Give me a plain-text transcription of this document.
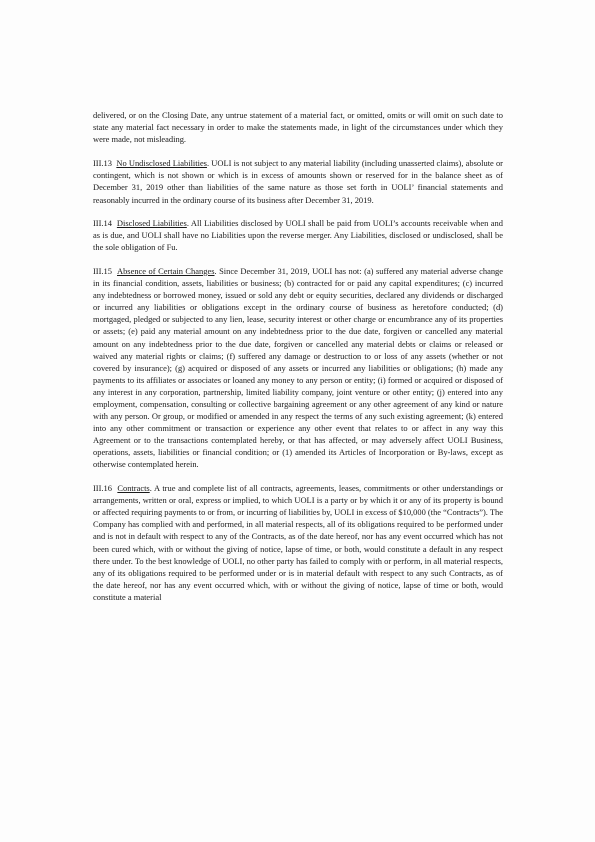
delivered, or on the Closing Date, any untrue statement of a material fact, or omitted, omits or will omit on such date to state any material fact necessary in order to make the statements made, in light of the circumstances under which they were made, not misleading.

III.13 No Undisclosed Liabilities. UOLI is not subject to any material liability (including unasserted claims), absolute or contingent, which is not shown or which is in excess of amounts shown or reserved for in the balance sheet as of December 31, 2019 other than liabilities of the same nature as those set forth in UOLI’ financial statements and reasonably incurred in the ordinary course of its business after December 31, 2019.

III.14 Disclosed Liabilities. All Liabilities disclosed by UOLI shall be paid from UOLI’s accounts receivable when and as is due, and UOLI shall have no Liabilities upon the reverse merger. Any Liabilities, disclosed or undisclosed, shall be the sole obligation of Fu.

III.15 Absence of Certain Changes. Since December 31, 2019, UOLI has not: (a) suffered any material adverse change in its financial condition, assets, liabilities or business; (b) contracted for or paid any capital expenditures; (c) incurred any indebtedness or borrowed money, issued or sold any debt or equity securities, declared any dividends or discharged or incurred any liabilities or obligations except in the ordinary course of business as heretofore conducted; (d) mortgaged, pledged or subjected to any lien, lease, security interest or other charge or encumbrance any of its properties or assets; (e) paid any material amount on any indebtedness prior to the due date, forgiven or cancelled any material amount on any indebtedness prior to the due date, forgiven or cancelled any material debts or claims or released or waived any material rights or claims; (f) suffered any damage or destruction to or loss of any assets (whether or not covered by insurance); (g) acquired or disposed of any assets or incurred any liabilities or obligations; (h) made any payments to its affiliates or associates or loaned any money to any person or entity; (i) formed or acquired or disposed of any interest in any corporation, partnership, limited liability company, joint venture or other entity; (j) entered into any employment, compensation, consulting or collective bargaining agreement or any other agreement of any kind or nature with any person. Or group, or modified or amended in any respect the terms of any such existing agreement; (k) entered into any other commitment or transaction or experience any other event that relates to or affect in any way this Agreement or to the transactions contemplated hereby, or that has affected, or may adversely affect UOLI Business, operations, assets, liabilities or financial condition; or (1) amended its Articles of Incorporation or By-laws, except as otherwise contemplated herein.

III.16 Contracts. A true and complete list of all contracts, agreements, leases, commitments or other understandings or arrangements, written or oral, express or implied, to which UOLI is a party or by which it or any of its property is bound or affected requiring payments to or from, or incurring of liabilities by, UOLI in excess of $10,000 (the “Contracts”). The Company has complied with and performed, in all material respects, all of its obligations required to be performed under and is not in default with respect to any of the Contracts, as of the date hereof, nor has any event occurred which has not been cured which, with or without the giving of notice, lapse of time, or both, would constitute a default in any respect there under. To the best knowledge of UOLI, no other party has failed to comply with or perform, in all material respects, any of its obligations required to be performed under or is in material default with respect to any such Contracts, as of the date hereof, nor has any event occurred which, with or without the giving of notice, lapse of time or both, would constitute a material
